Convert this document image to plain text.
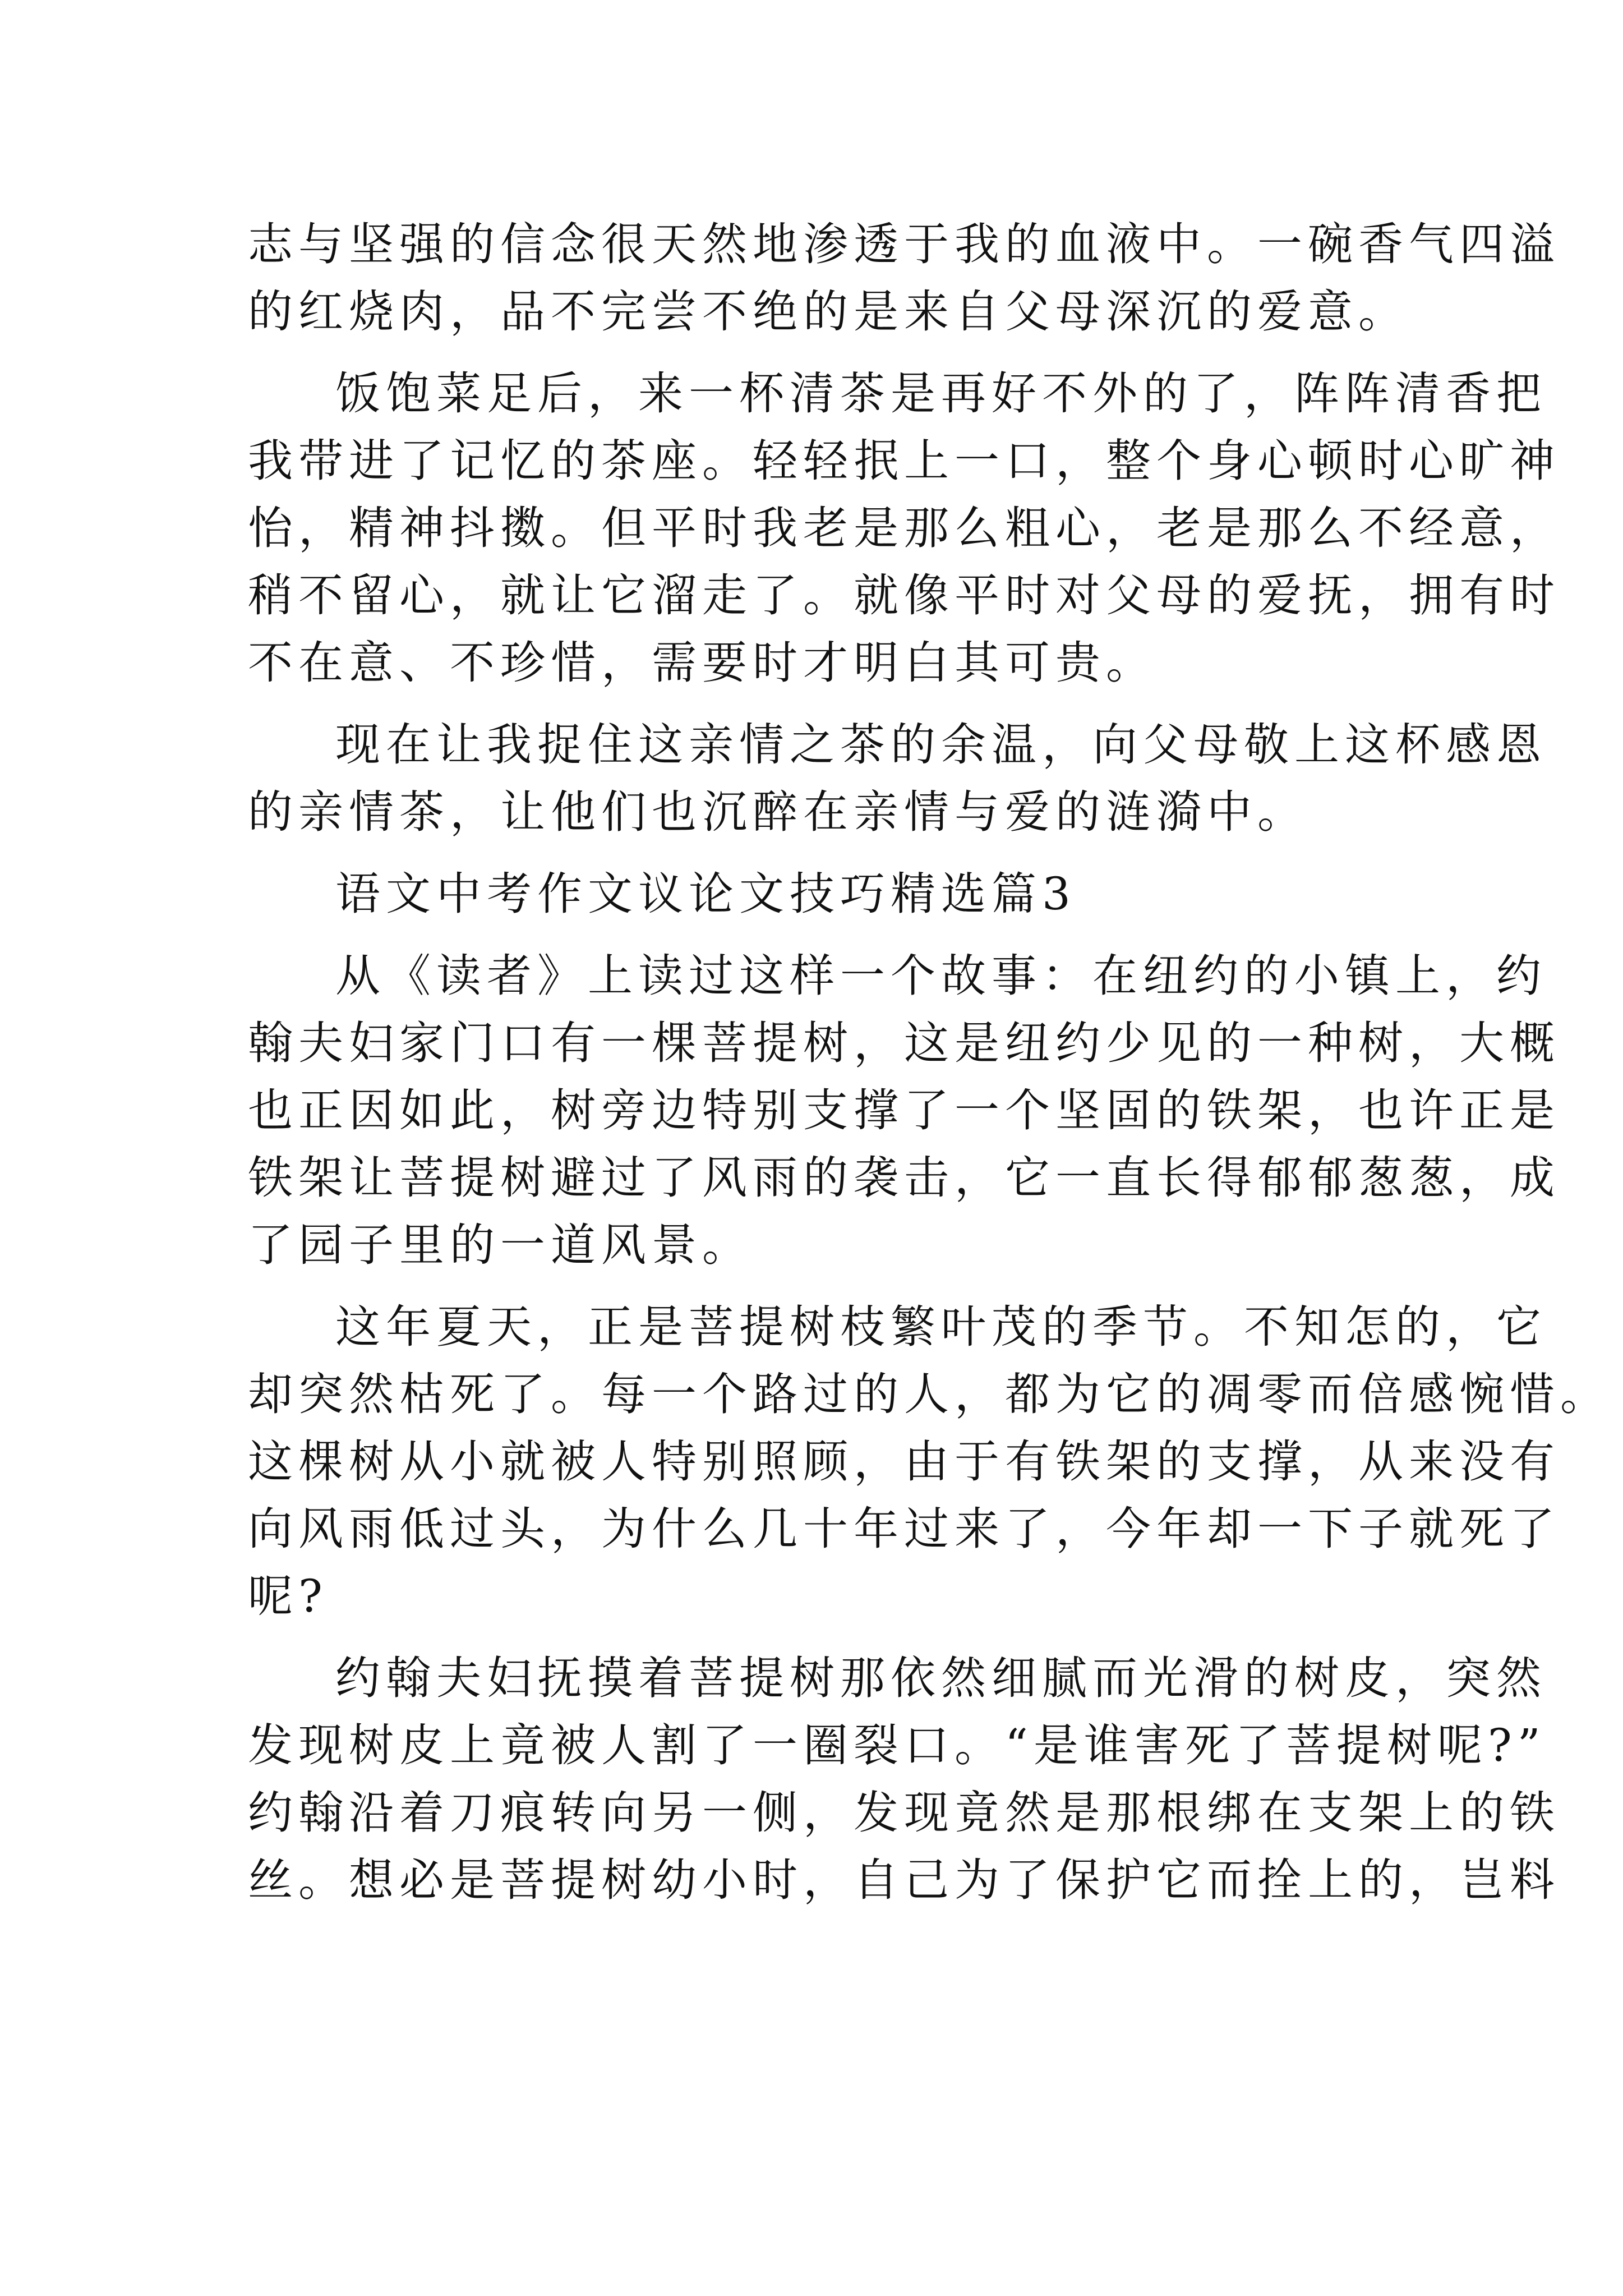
志与坚强的信念很天然地渗透于我的血液中。一碗香气四溢
的红烧肉，品不完尝不绝的是来自父母深沉的爱意。
饭饱菜足后，来一杯清茶是再好不外的了，阵阵清香把
我带进了记忆的茶座。轻轻抿上一口，整个身心顿时心旷神
怡，精神抖擞。但平时我老是那么粗心，老是那么不经意，
稍不留心，就让它溜走了。就像平时对父母的爱抚，拥有时
不在意、不珍惜，需要时才明白其可贵。
现在让我捉住这亲情之茶的余温，向父母敬上这杯感恩
的亲情茶，让他们也沉醉在亲情与爱的涟漪中。
语文中考作文议论文技巧精选篇3
从《读者》上读过这样一个故事：在纽约的小镇上，约
翰夫妇家门口有一棵菩提树，这是纽约少见的一种树，大概
也正因如此，树旁边特别支撑了一个坚固的铁架，也许正是
铁架让菩提树避过了风雨的袭击，它一直长得郁郁葱葱，成
了园子里的一道风景。
这年夏天，正是菩提树枝繁叶茂的季节。不知怎的，它
却突然枯死了。每一个路过的人，都为它的凋零而倍感惋惜。
这棵树从小就被人特别照顾，由于有铁架的支撑，从来没有
向风雨低过头，为什么几十年过来了，今年却一下子就死了
呢?
约翰夫妇抚摸着菩提树那依然细腻而光滑的树皮，突然
发现树皮上竟被人割了一圈裂口。“是谁害死了菩提树呢?”
约翰沿着刀痕转向另一侧，发现竟然是那根绑在支架上的铁
丝。想必是菩提树幼小时，自己为了保护它而拴上的，岂料
